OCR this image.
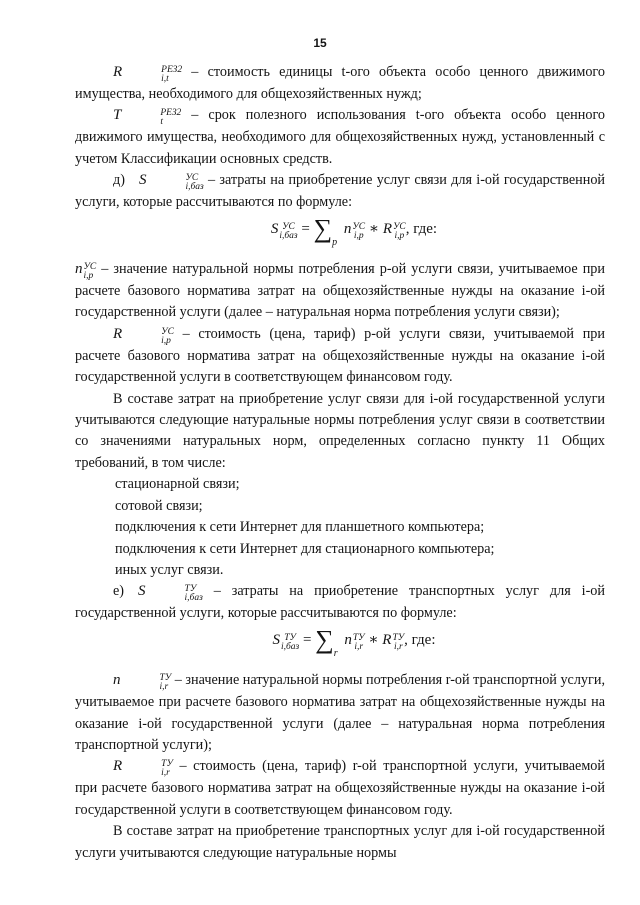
15

R	РЕЗ2
i,t – стоимость единицы t-ого объекта особо ценного движимого имущества, необходимого для общехозяйственных нужд;

T	РЕЗ2
t	– срок полезного использования t-ого объекта особо ценного движимого имущества, необходимого для общехозяйственных нужд, установленный с учетом Классификации основных средств.

д) S	УС
i,баз – затраты на приобретение услуг связи для i-ой государственной услуги, которые рассчитываются по формуле:

S УС
$i,баз = \sum_p$ n УС
i,p ∗ R УС
i,p , где:

n УС
i,p – значение натуральной нормы потребления p-ой услуги связи, учитываемое при расчете базового норматива затрат на общехозяйственные нужды на оказание i-ой государственной услуги (далее – натуральная норма потребления услуги связи);

R	УС
i,p – стоимость (цена, тариф) p-ой услуги связи, учитываемой при расчете базового норматива затрат на общехозяйственные нужды на оказание i-ой государственной услуги в соответствующем финансовом году.

В составе затрат на приобретение услуг связи для i-ой государственной услуги учитываются следующие натуральные нормы потребления услуг связи в соответствии со значениями натуральных норм, определенных согласно пункту 11 Общих требований, в том числе:

стационарной связи;

сотовой связи;

подключения к сети Интернет для планшетного компьютера;

подключения к сети Интернет для стационарного компьютера;

иных услуг связи.

е) S	ТУ
i,баз – затраты на приобретение транспортных услуг для i-ой государственной услуги, которые рассчитываются по формуле:

S ТУ
$i,баз = \sum_r$ n ТУ
i,r ∗ R ТУ
i,r , где:

n	ТУ
i,r – значение натуральной нормы потребления r-ой транспортной услуги, учитываемое при расчете базового норматива затрат на общехозяйственные нужды на оказание i-ой государственной услуги (далее – натуральная норма потребления транспортной услуги);

R	ТУ
i,r – стоимость (цена, тариф) r-ой транспортной услуги, учитываемой при расчете базового норматива затрат на общехозяйственные нужды на оказание i-ой государственной услуги в соответствующем финансовом году.

В составе затрат на приобретение транспортных услуг для i-ой государственной услуги учитываются следующие натуральные нормы
